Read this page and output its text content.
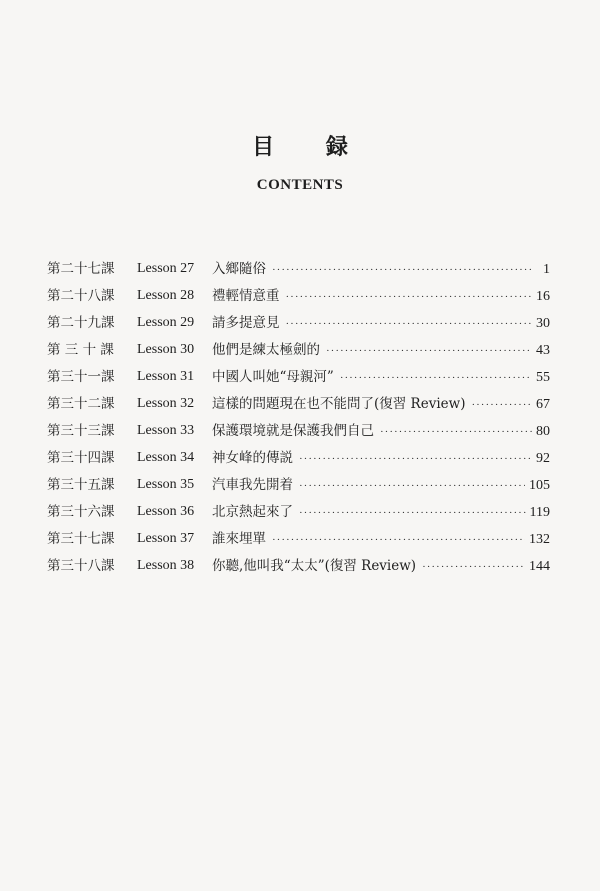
目 録
CONTENTS
第二十七課	Lesson 27	入鄉隨俗 ·····	1
第二十八課	Lesson 28	禮輕情意重 ·····	16
第二十九課	Lesson 29	請多提意見 ·····	30
第 三 十 課	Lesson 30	他們是練太極劍的 ·····	43
第三十一課	Lesson 31	中國人叫她“母親河” ·····	55
第三十二課	Lesson 32	這樣的問題現在也不能問了(復習 Review) ·····	67
第三十三課	Lesson 33	保護環境就是保護我們自己 ·····	80
第三十四課	Lesson 34	神女峰的傳説 ·····	92
第三十五課	Lesson 35	汽車我先開着 ·····	105
第三十六課	Lesson 36	北京熱起來了 ·····	119
第三十七課	Lesson 37	誰來埋單 ·····	132
第三十八課	Lesson 38	你聽,他叫我“太太”(復習 Review) ·····	144
